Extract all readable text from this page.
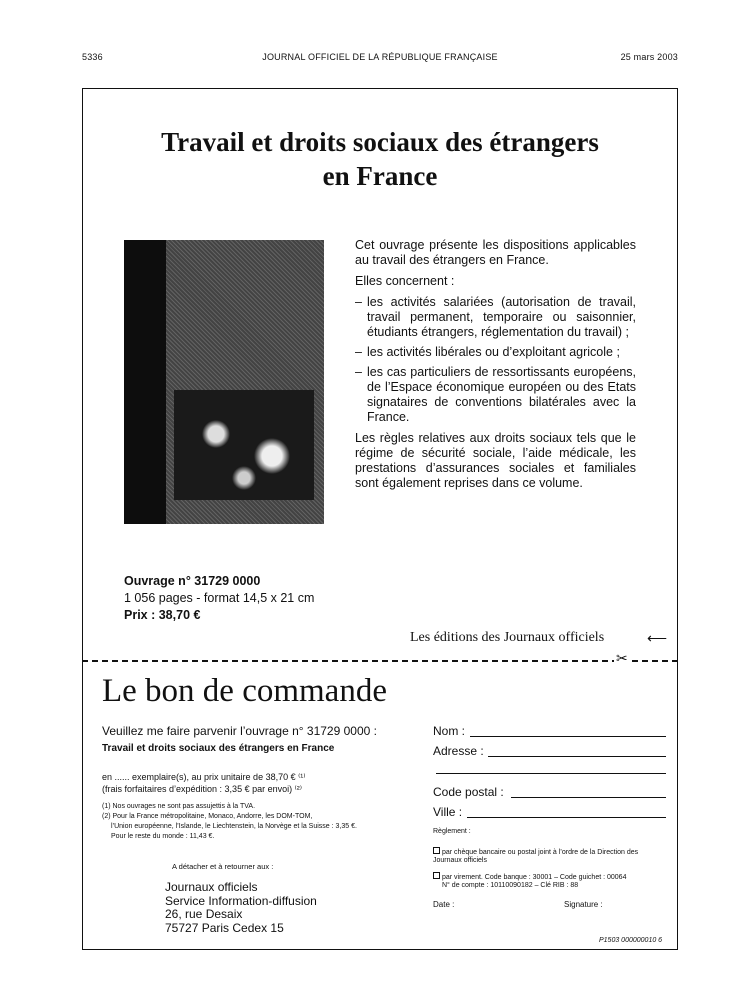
5336	JOURNAL OFFICIEL DE LA RÉPUBLIQUE FRANÇAISE	25 mars 2003
Travail et droits sociaux des étrangers
en France

Cet ouvrage présente les dispositions applicables au travail des étrangers en France.

Elles concernent :

– les activités salariées (autorisation de travail, travail permanent, temporaire ou saisonnier, étudiants étrangers, réglementation du travail) ;
– les activités libérales ou d’exploitant agricole ;
– les cas particuliers de ressortissants européens, de l’Espace économique européen ou des Etats signataires de conventions bilatérales avec la France.

Les règles relatives aux droits sociaux tels que le régime de sécurité sociale, l’aide médicale, les prestations d’assurances sociales et familiales sont également reprises dans ce volume.

Ouvrage n° 31729 0000
1 056 pages - format 14,5 x 21 cm
Prix : 38,70 €
Les éditions des Journaux officiels	⟵
✂
Le bon de commande
Veuillez me faire parvenir l’ouvrage n° 31729 0000 :
Travail et droits sociaux des étrangers en France
en ...... exemplaire(s), au prix unitaire de 38,70 € ⁽¹⁾
(frais forfaitaires d’expédition : 3,35 € par envoi) ⁽²⁾
(1) Nos ouvrages ne sont pas assujettis à la TVA.
(2) Pour la France métropolitaine, Monaco, Andorre, les DOM-TOM,
l’Union européenne, l’Islande, le Liechtenstein, la Norvège et la Suisse : 3,35 €.
Pour le reste du monde : 11,43 €.
A détacher et à retourner aux :
Journaux officiels
Service Information-diffusion
26, rue Desaix
75727 Paris Cedex 15
Nom :
Adresse :
Code postal :
Ville :
Règlement :
par chèque bancaire ou postal joint à l’ordre de la Direction des Journaux officiels
par virement. Code banque : 30001 – Code guichet : 00064
N° de compte : 10110090182 – Clé RIB : 88
Date :	Signature :
P1503 000000010 6
